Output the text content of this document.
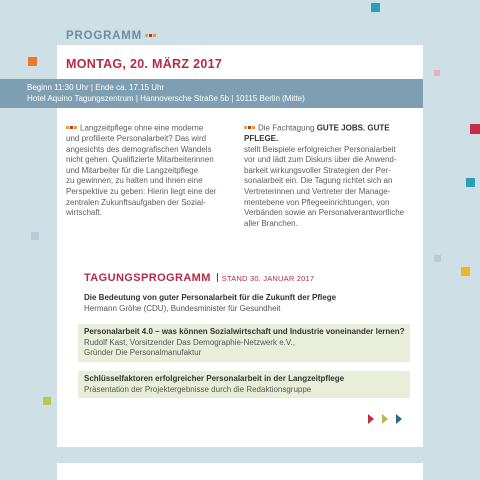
PROGRAMM
MONTAG, 20. MÄRZ 2017
Beginn 11:30 Uhr | Ende ca. 17.15 Uhr
Hotel Aquino Tagungszentrum | Hannoversche Straße 5b | 10115 Berlin (Mitte)
Langzeitpflege ohne eine moderne
und profilierte Personalarbeit? Das wird
angesichts des demografischen Wandels
nicht gehen. Qualifizierte Mitarbeiterinnen
und Mitarbeiter für die Langzeitpflege
zu gewinnen, zu halten und ihnen eine
Perspektive zu geben: Hierin liegt eine der
zentralen Zukunftsaufgaben der Sozial-
wirtschaft.
Die Fachtagung GUTE JOBS. GUTE PFLEGE.
stellt Beispiele erfolgreicher Personalarbeit
vor und lädt zum Diskurs über die Anwend-
barkeit wirkungsvoller Strategien der Per-
sonalarbeit ein. Die Tagung richtet sich an
Vertreterinnen und Vertreter der Manage-
mentebene von Pflegeeinrichtungen, von
Verbänden sowie an Personalverantwortliche
aller Branchen.
TAGUNGSPROGRAMM STAND 30. JANUAR 2017
Die Bedeutung von guter Personalarbeit für die Zukunft der Pflege
Hermann Gröhe (CDU), Bundesminister für Gesundheit
Personalarbeit 4.0 – was können Sozialwirtschaft und Industrie voneinander lernen?
Rudolf Kast, Vorsitzender Das Demographie-Netzwerk e.V.,
Gründer Die Personalmanufaktur
Schlüsselfaktoren erfolgreicher Personalarbeit in der Langzeitpflege
Präsentation der Projektergebnisse durch die Redaktionsgruppe
